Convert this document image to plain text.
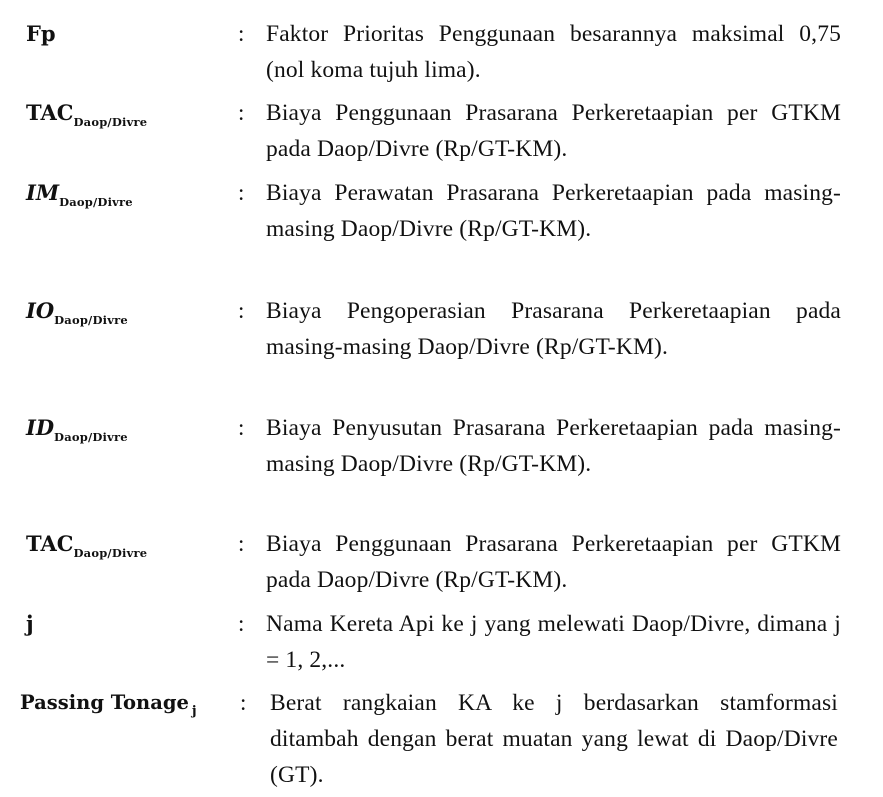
Fp	: Faktor Prioritas Penggunaan besarannya maksimal 0,75 (nol koma tujuh lima).
$TAC_{Daop/Divre}$	: Biaya Penggunaan Prasarana Perkeretaapian per GTKM pada Daop/Divre (Rp/GT-KM).
$IM_{Daop/Divre}$	: Biaya Perawatan Prasarana Perkeretaapian pada masing-masing Daop/Divre (Rp/GT-KM).
$IO_{Daop/Divre}$	: Biaya Pengoperasian Prasarana Perkeretaapian pada masing-masing Daop/Divre (Rp/GT-KM).
$ID_{Daop/Divre}$	: Biaya Penyusutan Prasarana Perkeretaapian pada masing-masing Daop/Divre (Rp/GT-KM).
$TAC_{Daop/Divre}$	: Biaya Penggunaan Prasarana Perkeretaapian per GTKM pada Daop/Divre (Rp/GT-KM).
j	: Nama Kereta Api ke j yang melewati Daop/Divre, dimana j = 1, 2,...
Passing Tonage $_j$ : Berat rangkaian KA ke j berdasarkan stamformasi ditambah dengan berat muatan yang lewat di Daop/Divre (GT).
